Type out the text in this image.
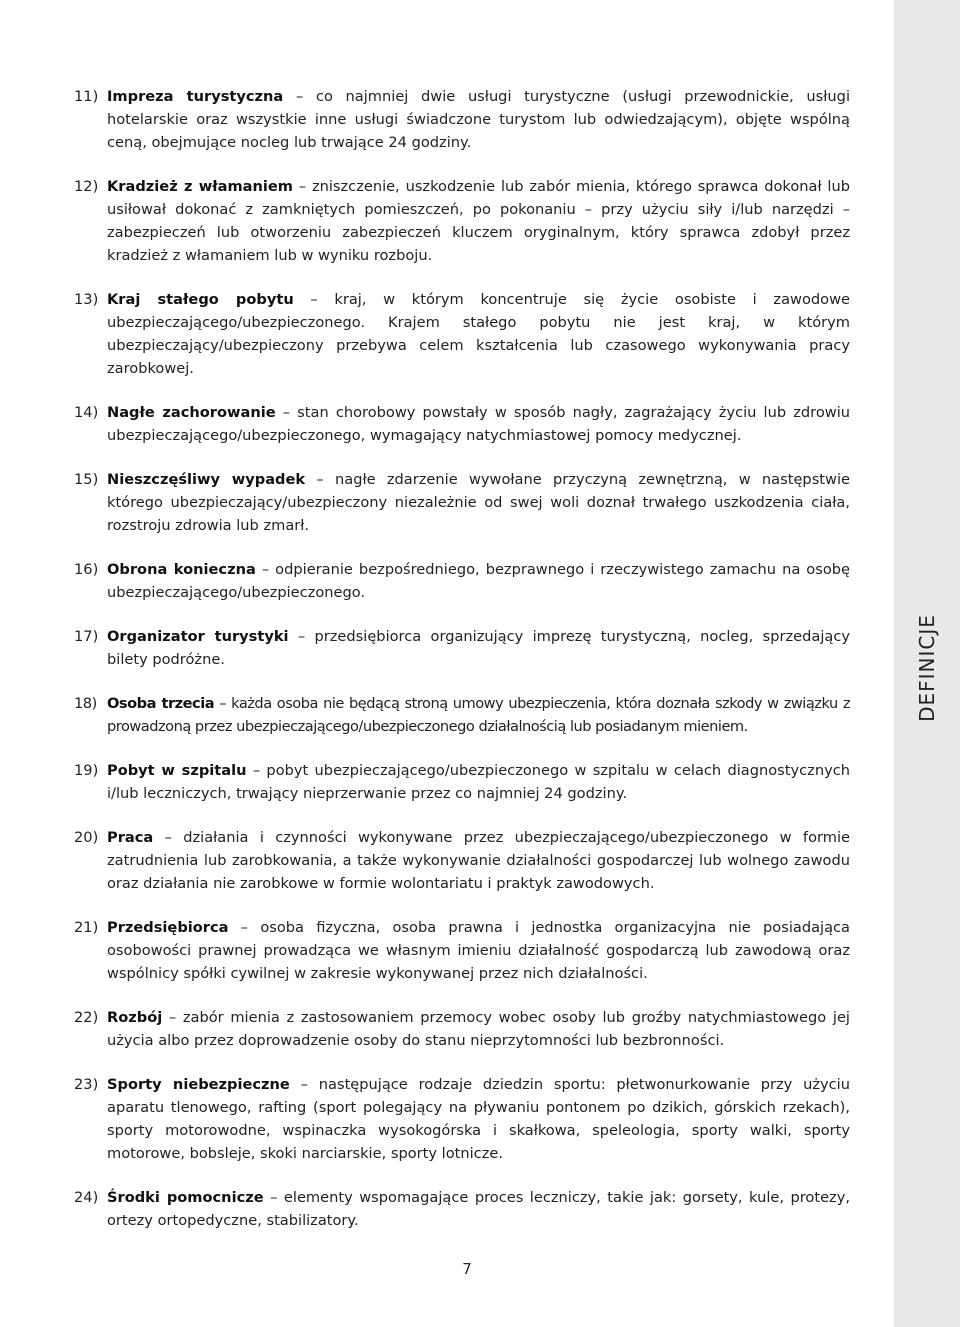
DEFINICJE
11) Impreza turystyczna – co najmniej dwie usługi turystyczne (usługi przewodnickie, usługi hotelarskie oraz wszystkie inne usługi świadczone turystom lub odwiedzającym), objęte wspólną ceną, obejmujące nocleg lub trwające 24 godziny.
12) Kradzież z włamaniem – zniszczenie, uszkodzenie lub zabór mienia, którego sprawca dokonał lub usiłował dokonać z zamkniętych pomieszczeń, po pokonaniu – przy użyciu siły i/lub narzędzi – zabezpieczeń lub otworzeniu zabezpieczeń kluczem oryginalnym, który sprawca zdobył przez kradzież z włamaniem lub w wyniku rozboju.
13) Kraj stałego pobytu – kraj, w którym koncentruje się życie osobiste i zawodowe ubezpieczającego/ubezpieczonego. Krajem stałego pobytu nie jest kraj, w którym ubezpieczający/ubezpieczony przebywa celem kształcenia lub czasowego wykonywania pracy zarobkowej.
14) Nagłe zachorowanie – stan chorobowy powstały w sposób nagły, zagrażający życiu lub zdrowiu ubezpieczającego/ubezpieczonego, wymagający natychmiastowej pomocy medycznej.
15) Nieszczęśliwy wypadek – nagłe zdarzenie wywołane przyczyną zewnętrzną, w następstwie którego ubezpieczający/ubezpieczony niezależnie od swej woli doznał trwałego uszkodzenia ciała, rozstroju zdrowia lub zmarł.
16) Obrona konieczna – odpieranie bezpośredniego, bezprawnego i rzeczywistego zamachu na osobę ubezpieczającego/ubezpieczonego.
17) Organizator turystyki – przedsiębiorca organizujący imprezę turystyczną, nocleg, sprzedający bilety podróżne.
18) Osoba trzecia – każda osoba nie będącą stroną umowy ubezpieczenia, która doznała szkody w związku z prowadzoną przez ubezpieczającego/ubezpieczonego działalnością lub posiadanym mieniem.
19) Pobyt w szpitalu – pobyt ubezpieczającego/ubezpieczonego w szpitalu w celach diagnostycznych i/lub leczniczych, trwający nieprzerwanie przez co najmniej 24 godziny.
20) Praca – działania i czynności wykonywane przez ubezpieczającego/ubezpieczonego w formie zatrudnienia lub zarobkowania, a także wykonywanie działalności gospodarczej lub wolnego zawodu oraz działania nie zarobkowe w formie wolontariatu i praktyk zawodowych.
21) Przedsiębiorca – osoba fizyczna, osoba prawna i jednostka organizacyjna nie posiadająca osobowości prawnej prowadząca we własnym imieniu działalność gospodarczą lub zawodową oraz wspólnicy spółki cywilnej w zakresie wykonywanej przez nich działalności.
22) Rozbój – zabór mienia z zastosowaniem przemocy wobec osoby lub groźby natychmiastowego jej użycia albo przez doprowadzenie osoby do stanu nieprzytomności lub bezbronności.
23) Sporty niebezpieczne – następujące rodzaje dziedzin sportu: płetwonurkowanie przy użyciu aparatu tlenowego, rafting (sport polegający na pływaniu pontonem po dzikich, górskich rzekach), sporty motorowodne, wspinaczka wysokogórska i skałkowa, speleologia, sporty walki, sporty motorowe, bobsleje, skoki narciarskie, sporty lotnicze.
24) Środki pomocnicze – elementy wspomagające proces leczniczy, takie jak: gorsety, kule, protezy, ortezy ortopedyczne, stabilizatory.
7
